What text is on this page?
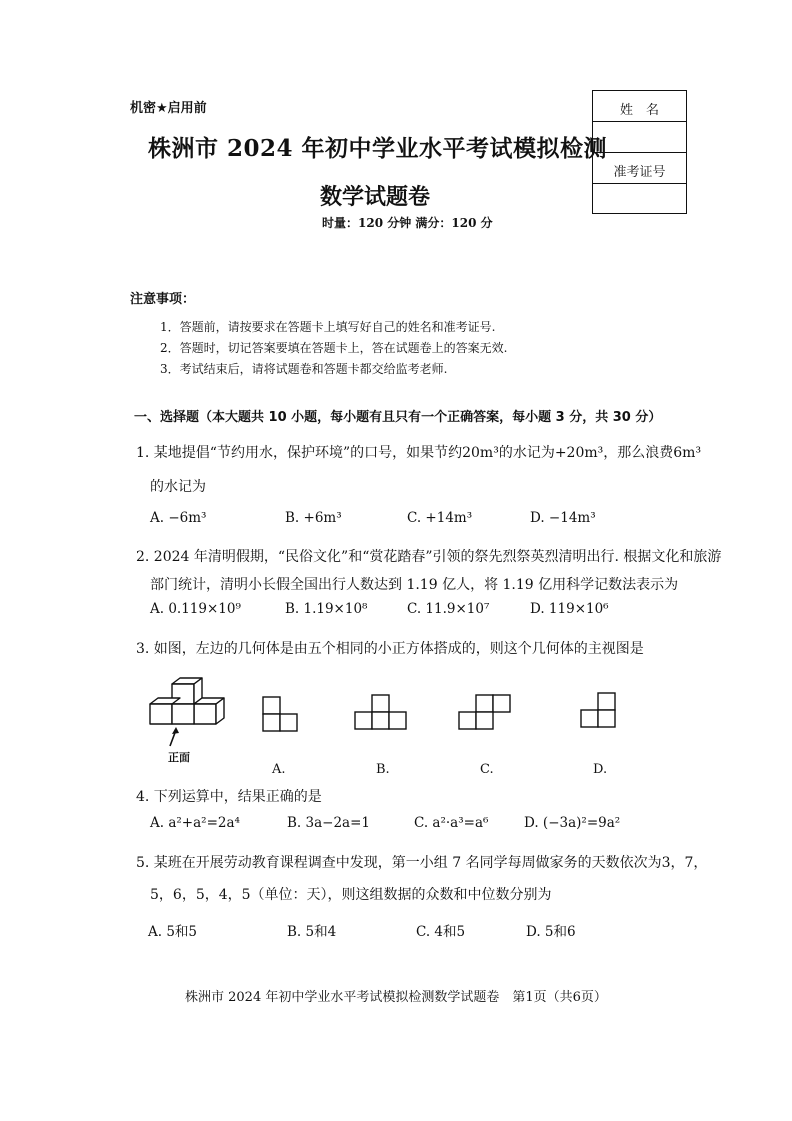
机密★启用前
株洲市 2024 年初中学业水平考试模拟检测
数学试题卷
时量：120 分钟 满分：120 分
姓　名
准考证号
注意事项：
1．答题前，请按要求在答题卡上填写好自己的姓名和准考证号.
2．答题时，切记答案要填在答题卡上，答在试题卷上的答案无效.
3．考试结束后，请将试题卷和答题卡都交给监考老师.
一、选择题（本大题共 10 小题，每小题有且只有一个正确答案，每小题 3 分，共 30 分）
1. 某地提倡“节约用水，保护环境”的口号，如果节约20m³的水记为+20m³，那么浪费6m³
的水记为
A. −6m³	B. +6m³	C. +14m³	D. −14m³
2. 2024 年清明假期，“民俗文化”和“赏花踏春”引领的祭先烈祭英烈清明出行. 根据文化和旅游
部门统计，清明小长假全国出行人数达到 1.19 亿人，将 1.19 亿用科学记数法表示为
A. 0.119×10⁹	B. 1.19×10⁸	C. 11.9×10⁷	D. 119×10⁶
3. 如图，左边的几何体是由五个相同的小正方体搭成的，则这个几何体的主视图是
正面
A.	B.	C.	D.
4. 下列运算中，结果正确的是
A. a²+a²=2a⁴	B. 3a−2a=1	C. a²·a³=a⁶	D. (−3a)²=9a²
5. 某班在开展劳动教育课程调查中发现，第一小组 7 名同学每周做家务的天数依次为3，7，
5，6，5，4，5（单位：天），则这组数据的众数和中位数分别为
A. 5和5	B. 5和4	C. 4和5	D. 5和6
株洲市 2024 年初中学业水平考试模拟检测数学试题卷　第1页（共6页）
